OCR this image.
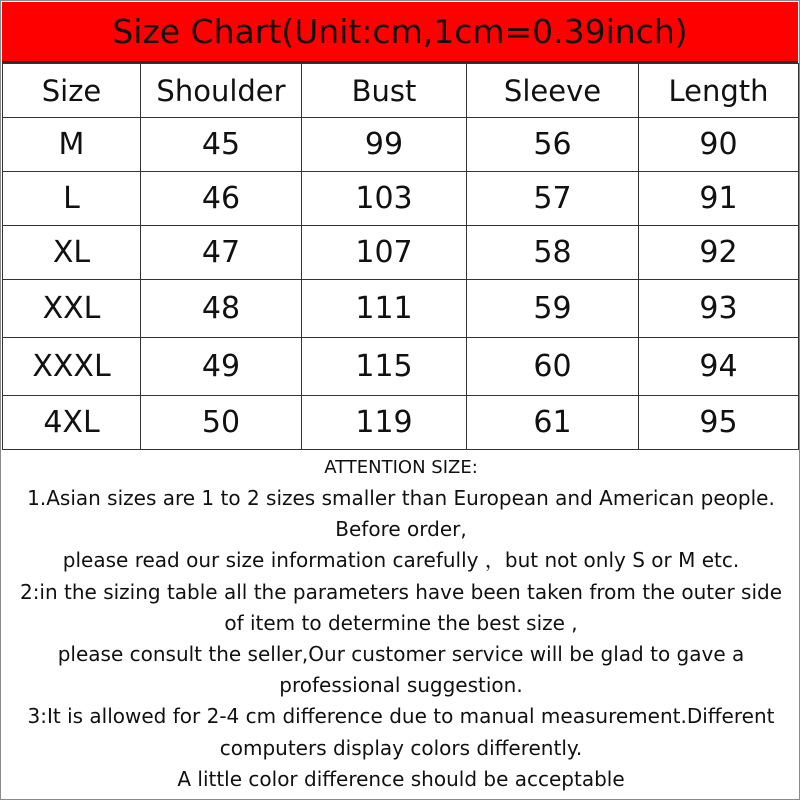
Size Chart(Unit:cm,1cm=0.39inch)
Size	Shoulder	Bust	Sleeve	Length
M	45	99	56	90
L	46	103	57	91
XL	47	107	58	92
XXL	48	111	59	93
XXXL	49	115	60	94
4XL	50	119	61	95
ATTENTION SIZE:
1.Asian sizes are 1 to 2 sizes smaller than European and American people.
Before order,
please read our size information carefully ，but not only S or M etc.
2:in the sizing table all the parameters have been taken from the outer side
of item to determine the best size ,
please consult the seller,Our customer service will be glad to gave a
professional suggestion.
3:It is allowed for 2-4 cm difference due to manual measurement.Different
computers display colors differently.
A little color difference should be acceptable
